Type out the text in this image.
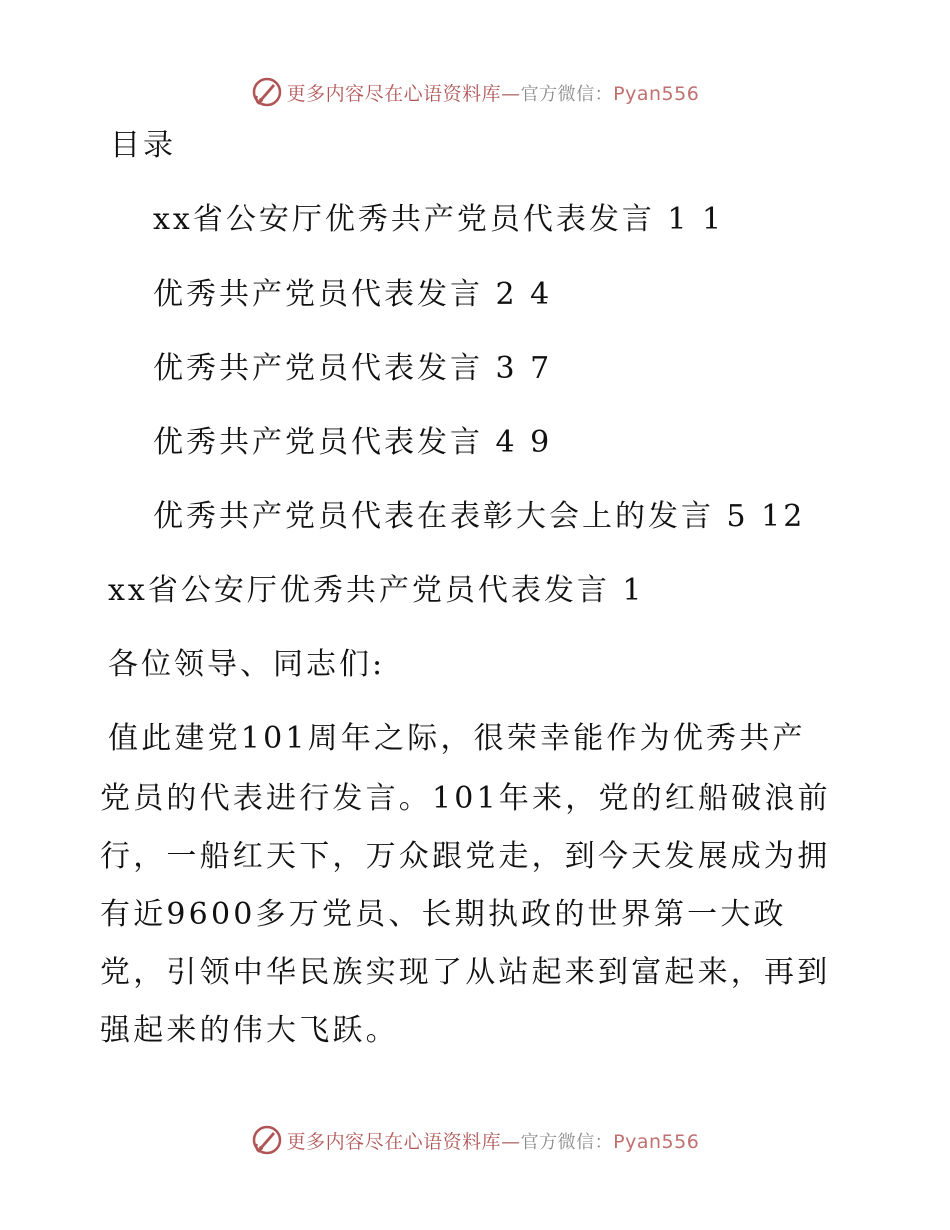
更多内容尽在心语资料库—官方微信：Pyan556
目录
xx省公安厅优秀共产党员代表发言 1 1
优秀共产党员代表发言 2 4
优秀共产党员代表发言 3 7
优秀共产党员代表发言 4 9
优秀共产党员代表在表彰大会上的发言 5 12
xx省公安厅优秀共产党员代表发言 1
各位领导、同志们:
值此建党101周年之际，很荣幸能作为优秀共产
党员的代表进行发言。101年来，党的红船破浪前
行，一船红天下，万众跟党走，到今天发展成为拥
有近9600多万党员、长期执政的世界第一大政
党，引领中华民族实现了从站起来到富起来，再到
强起来的伟大飞跃。
更多内容尽在心语资料库—官方微信：Pyan556
